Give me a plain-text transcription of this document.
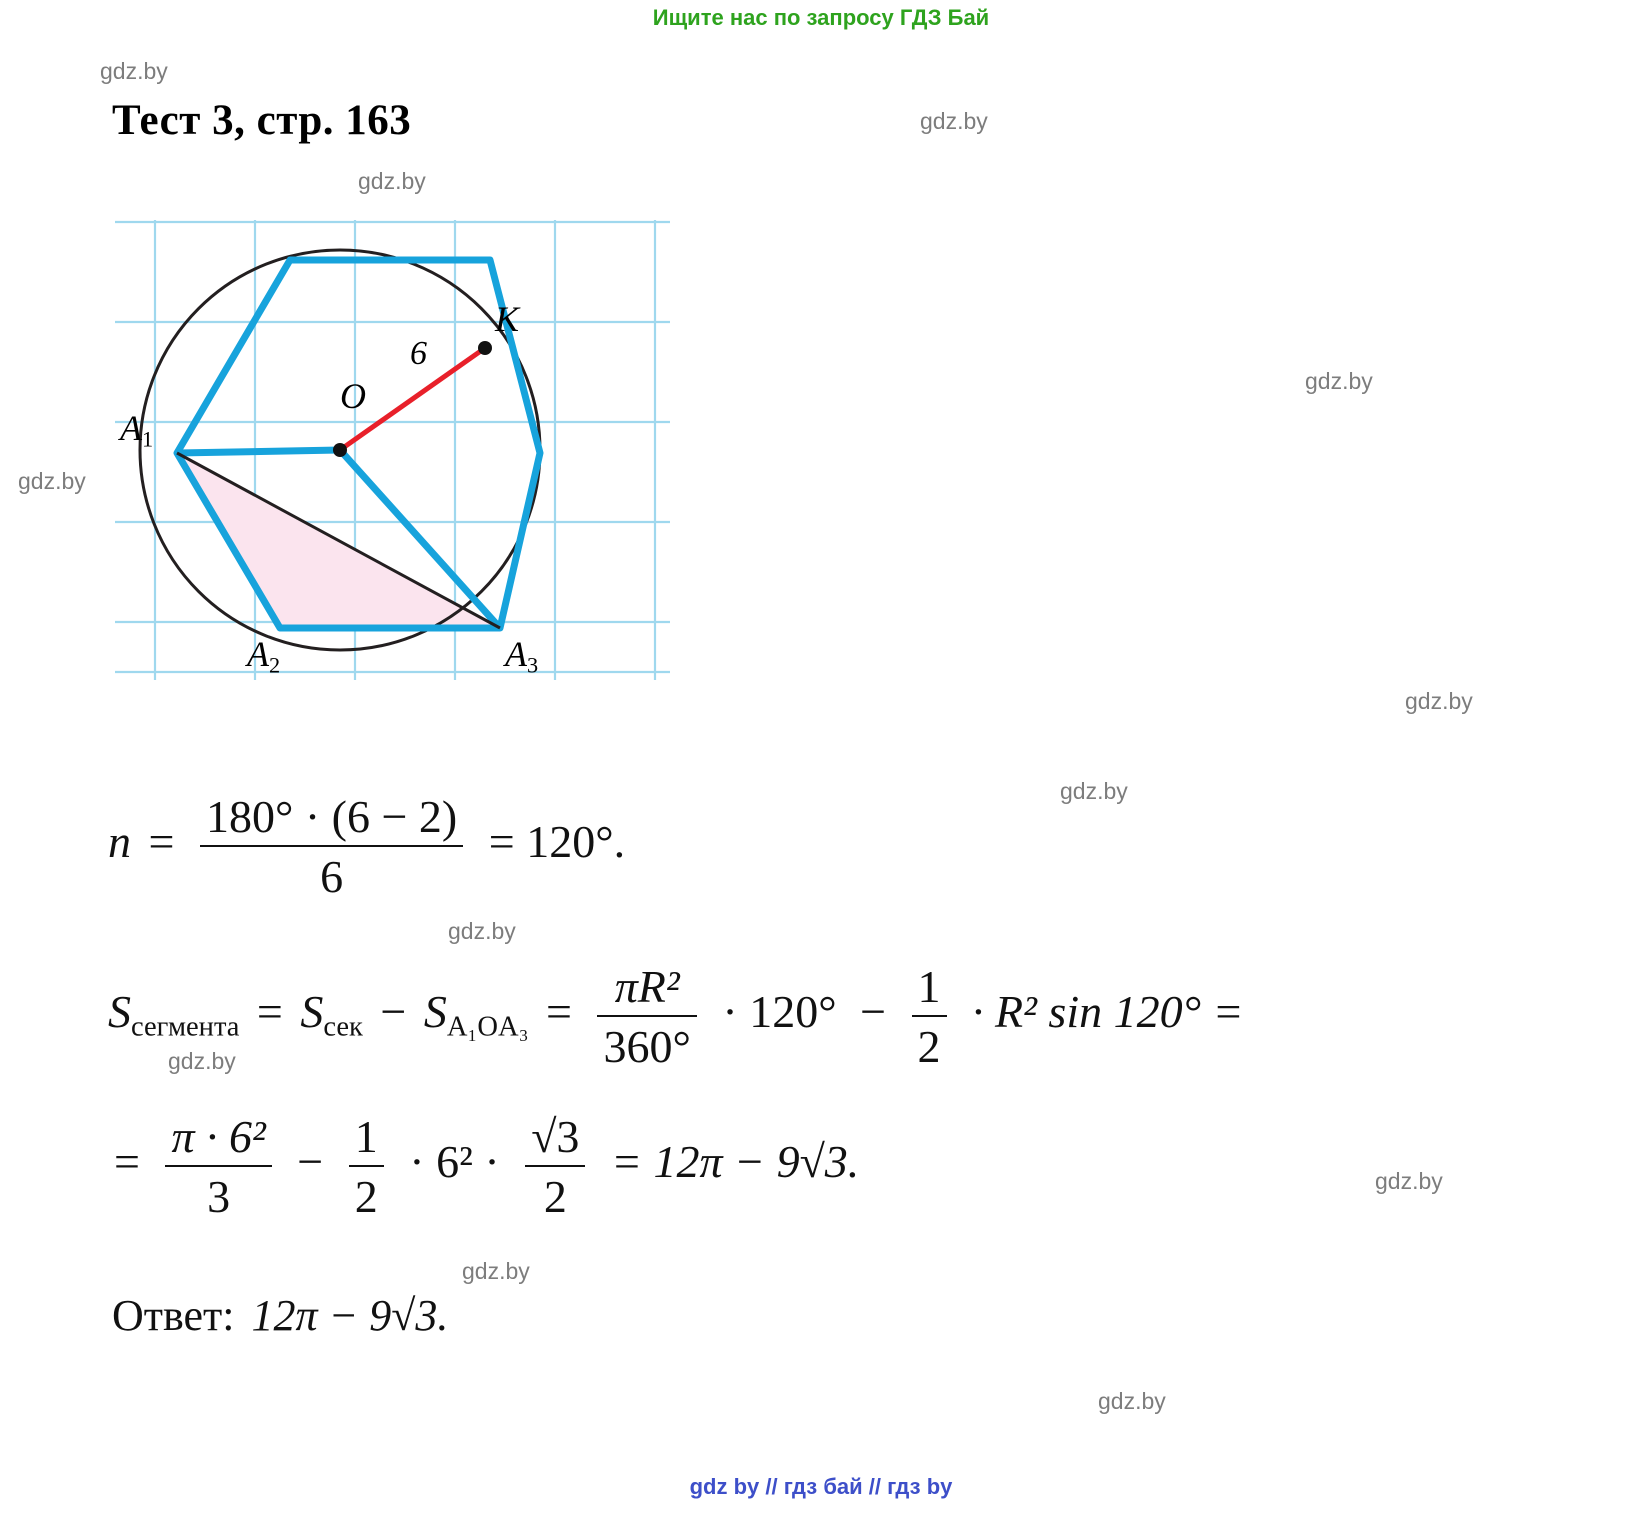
Ищите нас по запросу ГДЗ Бай
gdz.by
gdz.by
gdz.by
gdz.by
gdz.by
gdz.by
gdz.by
gdz.by
gdz.by
gdz.by
gdz.by
gdz.by
Тест 3, стр. 163
O
K
6
$A_1$
$A_2$	$A_3$
$n = \frac{180^\circ \cdot (6 - 2)}{6} = 120^\circ$.
$S_{сегмента} = S_{сек} - S_{A_1OA_3} = \frac{\text{πR²}}{360^\circ} \cdot 120^\circ - \frac{1}{2} \cdot R^2$ sin 120° =
= $\frac{\text{π · 6²}}{3} - \frac{1}{2} \cdot 6^2 \cdot \frac{√3}{2} = 12\pi - 9√3$.
Ответ: 12π − 9√3.
gdz by // гдз бай // гдз by
